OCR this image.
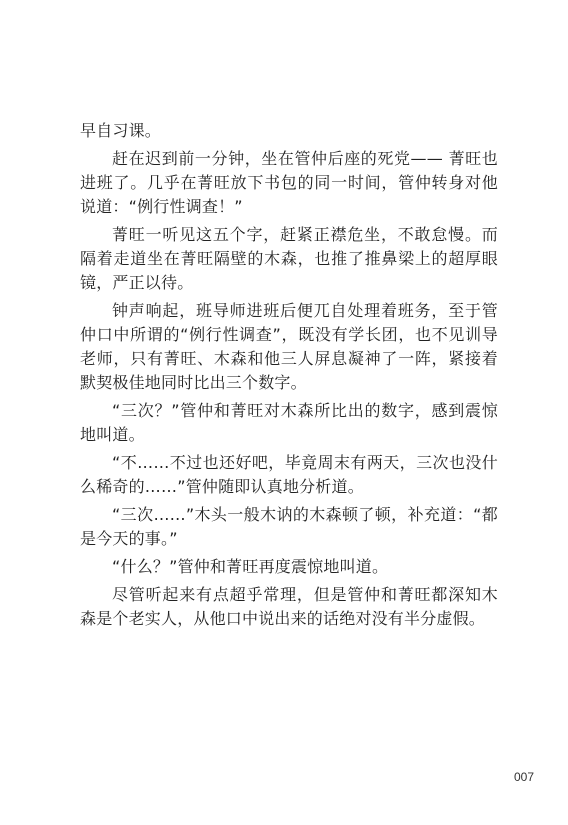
早自习课。

赶在迟到前一分钟，坐在管仲后座的死党—— 菁旺也进班了。几乎在菁旺放下书包的同一时间，管仲转身对他说道：“例行性调查！”

菁旺一听见这五个字，赶紧正襟危坐，不敢怠慢。而隔着走道坐在菁旺隔壁的木森，也推了推鼻梁上的超厚眼镜，严正以待。

钟声响起，班导师进班后便兀自处理着班务，至于管仲口中所谓的“例行性调查”，既没有学长团，也不见训导老师，只有菁旺、木森和他三人屏息凝神了一阵，紧接着默契极佳地同时比出三个数字。

“三次？”管仲和菁旺对木森所比出的数字，感到震惊地叫道。

“不……不过也还好吧，毕竟周末有两天，三次也没什么稀奇的……”管仲随即认真地分析道。

“三次……”木头一般木讷的木森顿了顿，补充道：“都是今天的事。”

“什么？”管仲和菁旺再度震惊地叫道。

尽管听起来有点超乎常理，但是管仲和菁旺都深知木森是个老实人，从他口中说出来的话绝对没有半分虚假。

007
